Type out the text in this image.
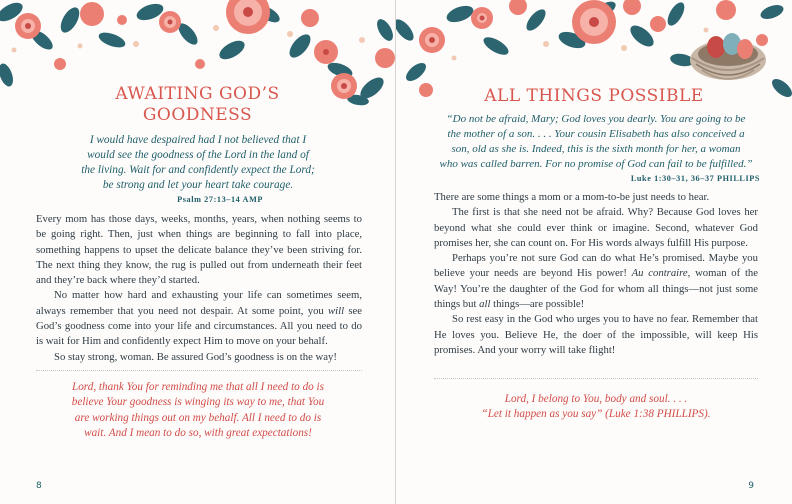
AWAITING GOD’S
GOODNESS
I would have despaired had I not believed that I
would see the goodness of the Lord in the land of
the living. Wait for and confidently expect the Lord;
be strong and let your heart take courage.
Psalm 27:13–14 AMP

Every mom has those days, weeks, months, years, when nothing seems to be going right. Then, just when things are beginning to fall into place, something happens to upset the delicate balance they’ve been striving for. The next thing they know, the rug is pulled out from underneath their feet and they’re back where they’d started.

No matter how hard and exhausting your life can sometimes seem, always remember that you need not despair. At some point, you will see God’s goodness come into your life and circumstances. All you need to do is wait for Him and confidently expect Him to move on your behalf.

So stay strong, woman. Be assured God’s goodness is on the way!

Lord, thank You for reminding me that all I need to do is
believe Your goodness is winging its way to me, that You
are working things out on my behalf. All I need to do is
wait. And I mean to do so, with great expectations!
8
ALL THINGS POSSIBLE
“Do not be afraid, Mary; God loves you dearly. You are going to be
the mother of a son. . . . Your cousin Elisabeth has also conceived a
son, old as she is. Indeed, this is the sixth month for her, a woman
who was called barren. For no promise of God can fail to be fulfilled.”
Luke 1:30–31, 36–37 PHILLIPS

There are some things a mom or a mom-to-be just needs to hear.

The first is that she need not be afraid. Why? Because God loves her beyond what she could ever think or imagine. Second, whatever God promises her, she can count on. For His words always fulfill His purpose.

Perhaps you’re not sure God can do what He’s promised. Maybe you believe your needs are beyond His power! Au contraire, woman of the Way! You’re the daughter of the God for whom all things—not just some things but all things—are possible!

So rest easy in the God who urges you to have no fear. Remember that He loves you. Believe He, the doer of the impossible, will keep His promises. And your worry will take flight!

Lord, I belong to You, body and soul. . . .
“Let it happen as you say” (Luke 1:38 PHILLIPS).
9
